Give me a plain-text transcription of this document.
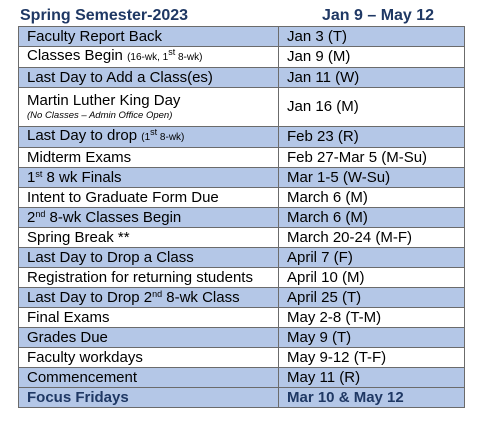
Spring Semester-2023	Jan 9 – May 12
Faculty Report Back	Jan 3 (T)
Classes Begin (16-wk, 1st 8-wk)	Jan 9 (M)
Last Day to Add a Class(es)	Jan 11 (W)
Martin Luther King Day
(No Classes – Admin Office Open)	Jan 16 (M)
Last Day to drop (1st 8-wk)	Feb 23 (R)
Midterm Exams	Feb 27-Mar 5 (M-Su)
1st 8 wk Finals	Mar 1-5 (W-Su)
Intent to Graduate Form Due	March 6 (M)
2nd 8-wk Classes Begin	March 6 (M)
Spring Break **	March 20-24 (M-F)
Last Day to Drop a Class	April 7 (F)
Registration for returning students	April 10 (M)
Last Day to Drop 2nd 8-wk Class	April 25 (T)
Final Exams	May 2-8 (T-M)
Grades Due	May 9 (T)
Faculty workdays	May 9-12 (T-F)
Commencement	May 11 (R)
Focus Fridays	Mar 10 & May 12
